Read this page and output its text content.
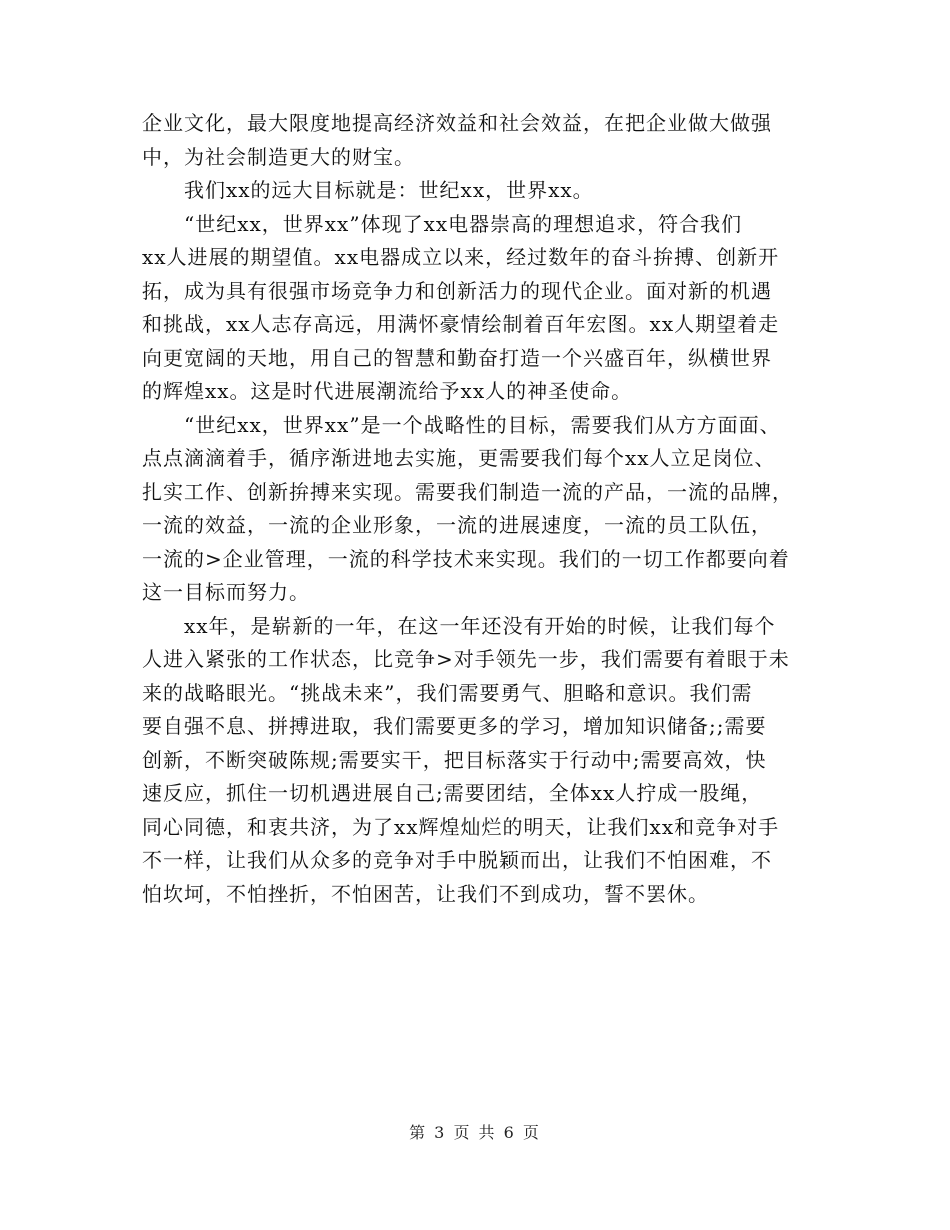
企业文化，最大限度地提高经济效益和社会效益，在把企业做大做强
中，为社会制造更大的财宝。
　　我们xx的远大目标就是：世纪xx，世界xx。
　　“世纪xx，世界xx”体现了xx电器崇高的理想追求，符合我们
xx人进展的期望值。xx电器成立以来，经过数年的奋斗拚搏、创新开
拓，成为具有很强市场竞争力和创新活力的现代企业。面对新的机遇
和挑战，xx人志存高远，用满怀豪情绘制着百年宏图。xx人期望着走
向更宽阔的天地，用自己的智慧和勤奋打造一个兴盛百年，纵横世界
的辉煌xx。这是时代进展潮流给予xx人的神圣使命。
　　“世纪xx，世界xx”是一个战略性的目标，需要我们从方方面面、
点点滴滴着手，循序渐进地去实施，更需要我们每个xx人立足岗位、
扎实工作、创新拚搏来实现。需要我们制造一流的产品，一流的品牌，
一流的效益，一流的企业形象，一流的进展速度，一流的员工队伍，
一流的>企业管理，一流的科学技术来实现。我们的一切工作都要向着
这一目标而努力。
　　xx年，是崭新的一年，在这一年还没有开始的时候，让我们每个
人进入紧张的工作状态，比竞争>对手领先一步，我们需要有着眼于未
来的战略眼光。“挑战未来”，我们需要勇气、胆略和意识。我们需
要自强不息、拼搏进取，我们需要更多的学习，增加知识储备;;需要
创新，不断突破陈规;需要实干，把目标落实于行动中;需要高效，快
速反应，抓住一切机遇进展自己;需要团结，全体xx人拧成一股绳，
同心同德，和衷共济，为了xx辉煌灿烂的明天，让我们xx和竞争对手
不一样，让我们从众多的竞争对手中脱颖而出，让我们不怕困难，不
怕坎坷，不怕挫折，不怕困苦，让我们不到成功，誓不罢休。
第 3 页 共 6 页
